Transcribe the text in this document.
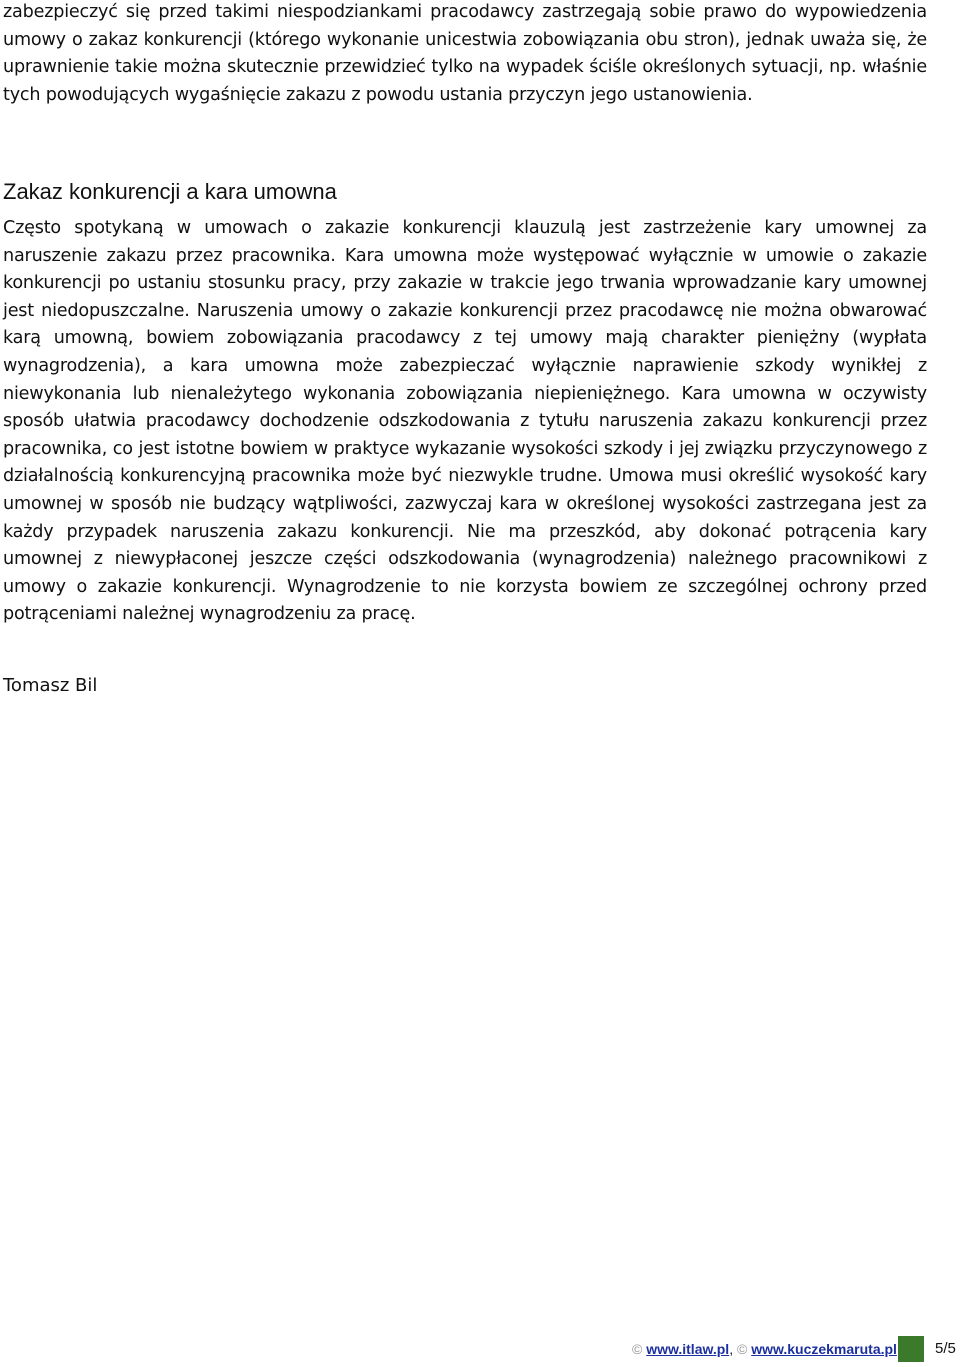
zabezpieczyć się przed takimi niespodziankami pracodawcy zastrzegają sobie prawo do wypowiedzenia umowy o zakaz konkurencji (którego wykonanie unicestwia zobowiązania obu stron), jednak uważa się, że uprawnienie takie można skutecznie przewidzieć tylko na wypadek ściśle określonych sytuacji, np. właśnie tych powodujących wygaśnięcie zakazu z powodu ustania przyczyn jego ustanowienia.

Zakaz konkurencji a kara umowna

Często spotykaną w umowach o zakazie konkurencji klauzulą jest zastrzeżenie kary umownej za naruszenie zakazu przez pracownika. Kara umowna może występować wyłącznie w umowie o zakazie konkurencji po ustaniu stosunku pracy, przy zakazie w trakcie jego trwania wprowadzanie kary umownej jest niedopuszczalne. Naruszenia umowy o zakazie konkurencji przez pracodawcę nie można obwarować karą umowną, bowiem zobowiązania pracodawcy z tej umowy mają charakter pieniężny (wypłata wynagrodzenia), a kara umowna może zabezpieczać wyłącznie naprawienie szkody wynikłej z niewykonania lub nienależytego wykonania zobowiązania niepieniężnego. Kara umowna w oczywisty sposób ułatwia pracodawcy dochodzenie odszkodowania z tytułu naruszenia zakazu konkurencji przez pracownika, co jest istotne bowiem w praktyce wykazanie wysokości szkody i jej związku przyczynowego z działalnością konkurencyjną pracownika może być niezwykle trudne. Umowa musi określić wysokość kary umownej w sposób nie budzący wątpliwości, zazwyczaj kara w określonej wysokości zastrzegana jest za każdy przypadek naruszenia zakazu konkurencji. Nie ma przeszkód, aby dokonać potrącenia kary umownej z niewypłaconej jeszcze części odszkodowania (wynagrodzenia) należnego pracownikowi z umowy o zakazie konkurencji. Wynagrodzenie to nie korzysta bowiem ze szczególnej ochrony przed potrąceniami należnej wynagrodzeniu za pracę.

Tomasz Bil

© www.itlaw.pl, © www.kuczekmaruta.pl	5/5
